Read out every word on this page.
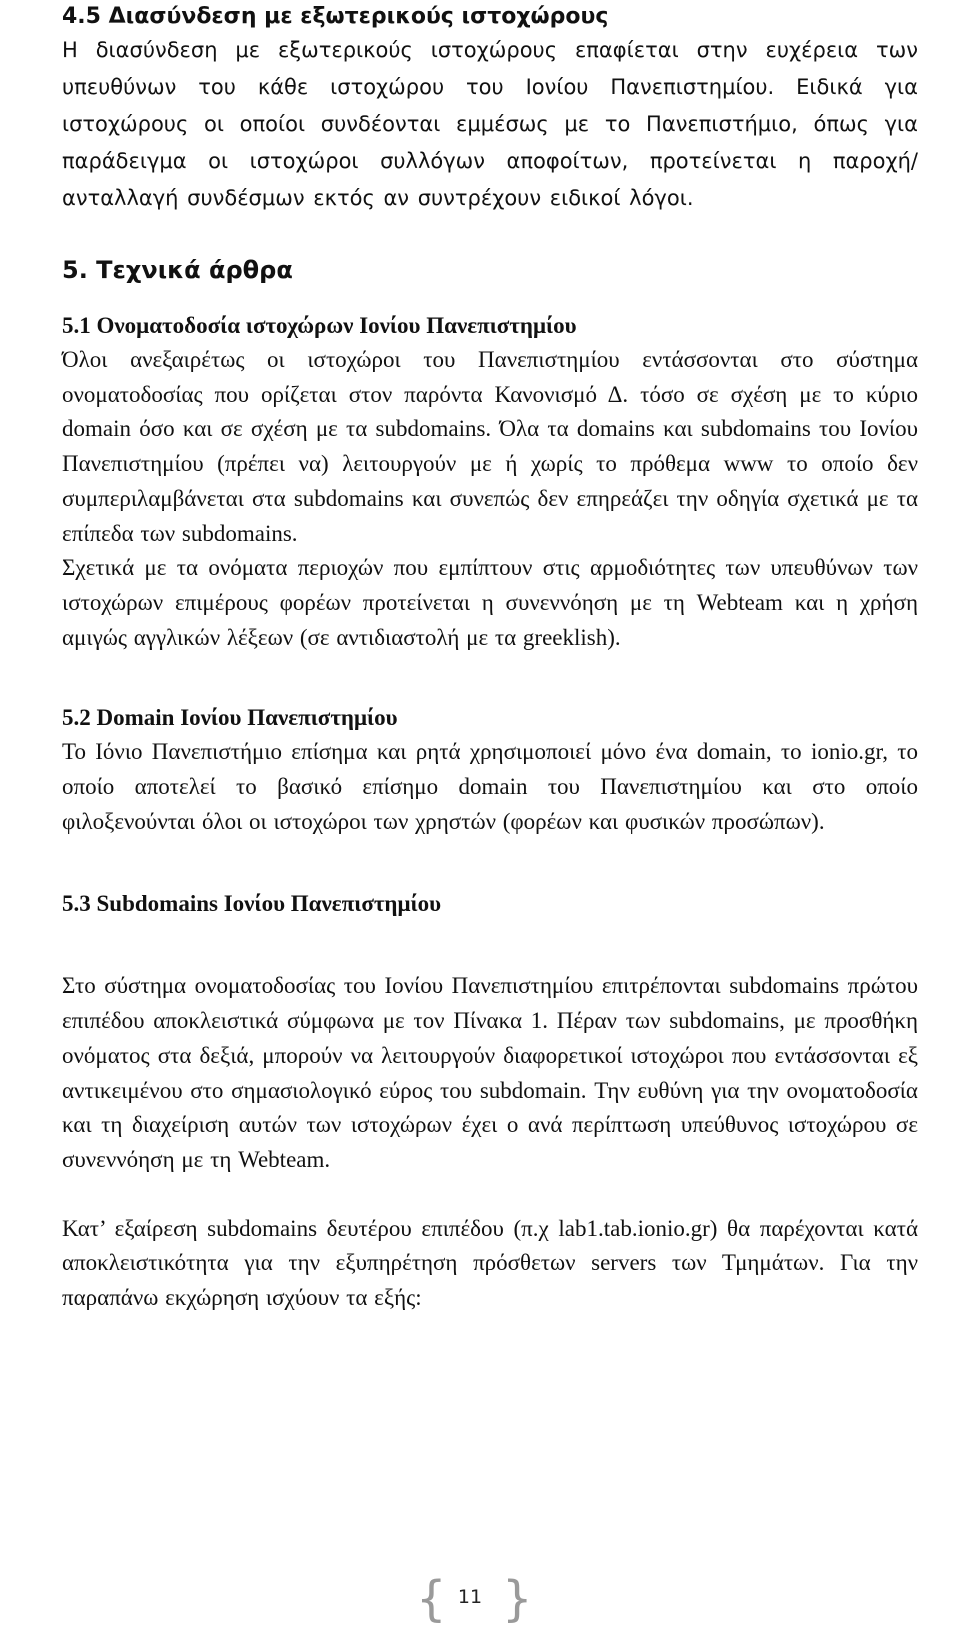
4.5 Διασύνδεση με εξωτερικούς ιστοχώρους

Η διασύνδεση με εξωτερικούς ιστοχώρους επαφίεται στην ευχέρεια των υπευθύνων του κάθε ιστοχώρου του Ιονίου Πανεπιστημίου. Ειδικά για ιστοχώρους οι οποίοι συνδέονται εμμέσως με το Πανεπιστήμιο, όπως για παράδειγμα οι ιστοχώροι συλλόγων αποφοίτων, προτείνεται η παροχή/ανταλλαγή συνδέσμων εκτός αν συντρέχουν ειδικοί λόγοι.

5. Τεχνικά άρθρα
5.1 Ονοματοδοσία ιστοχώρων Ιονίου Πανεπιστημίου

Όλοι ανεξαιρέτως οι ιστοχώροι του Πανεπιστημίου εντάσσονται στο σύστημα ονοματοδοσίας που ορίζεται στον παρόντα Κανονισμό Δ. τόσο σε σχέση με το κύριο domain όσο και σε σχέση με τα subdomains. Όλα τα domains και subdomains του Ιονίου Πανεπιστημίου (πρέπει να) λειτουργούν με ή χωρίς το πρόθεμα www το οποίο δεν συμπεριλαμβάνεται στα subdomains και συνεπώς δεν επηρεάζει την οδηγία σχετικά με τα επίπεδα των subdomains.

Σχετικά με τα ονόματα περιοχών που εμπίπτουν στις αρμοδιότητες των υπευθύνων των ιστοχώρων επιμέρους φορέων προτείνεται η συνεννόηση με τη Webteam και η χρήση αμιγώς αγγλικών λέξεων (σε αντιδιαστολή με τα greeklish).

5.2 Domain Ιονίου Πανεπιστημίου

Το Ιόνιο Πανεπιστήμιο επίσημα και ρητά χρησιμοποιεί μόνο ένα domain, το ionio.gr, το οποίο αποτελεί το βασικό επίσημο domain του Πανεπιστημίου και στο οποίο φιλοξενούνται όλοι οι ιστοχώροι των χρηστών (φορέων και φυσικών προσώπων).

5.3 Subdomains Ιονίου Πανεπιστημίου

Στο σύστημα ονοματοδοσίας του Ιονίου Πανεπιστημίου επιτρέπονται subdomains πρώτου επιπέδου αποκλειστικά σύμφωνα με τον Πίνακα 1. Πέραν των subdomains, με προσθήκη ονόματος στα δεξιά, μπορούν να λειτουργούν διαφορετικοί ιστοχώροι που εντάσσονται εξ αντικειμένου στο σημασιολογικό εύρος του subdomain. Την ευθύνη για την ονοματοδοσία και τη διαχείριση αυτών των ιστοχώρων έχει ο ανά περίπτωση υπεύθυνος ιστοχώρου σε συνεννόηση με τη Webteam.

Κατ’ εξαίρεση subdomains δευτέρου επιπέδου (π.χ lab1.tab.ionio.gr) θα παρέχονται κατά αποκλειστικότητα για την εξυπηρέτηση πρόσθετων servers των Τμημάτων. Για την παραπάνω εκχώρηση ισχύουν τα εξής:

{ 11 }
